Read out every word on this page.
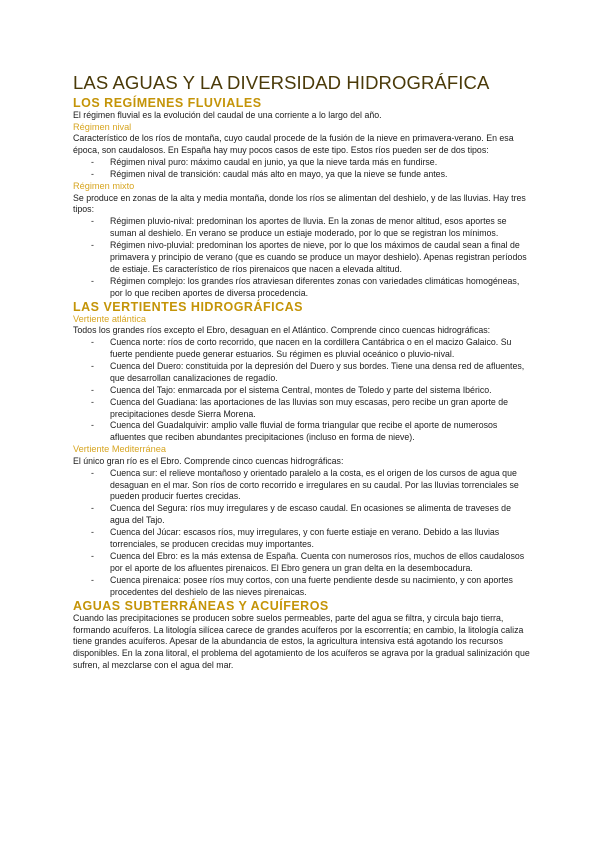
LAS AGUAS Y LA DIVERSIDAD HIDROGRÁFICA
LOS REGÍMENES FLUVIALES

El régimen fluvial es la evolución del caudal de una corriente a lo largo del año.

Régimen nival

Característico de los ríos de montaña, cuyo caudal procede de la fusión de la nieve en primavera-verano. En esa época, son caudalosos. En España hay muy pocos casos de este tipo. Estos ríos pueden ser de dos tipos:

- Régimen nival puro: máximo caudal en junio, ya que la nieve tarda más en fundirse.
- Régimen nival de transición: caudal más alto en mayo, ya que la nieve se funde antes.
Régimen mixto

Se produce en zonas de la alta y media montaña, donde los ríos se alimentan del deshielo, y de las lluvias. Hay tres tipos:

- Régimen pluvio-nival: predominan los aportes de lluvia. En la zonas de menor altitud, esos aportes se suman al deshielo. En verano se produce un estiaje moderado, por lo que se registran los mínimos.
- Régimen nivo-pluvial: predominan los aportes de nieve, por lo que los máximos de caudal sean a final de primavera y principio de verano (que es cuando se produce un mayor deshielo). Apenas registran períodos de estiaje. Es característico de ríos pirenaicos que nacen a elevada altitud.
- Régimen complejo: los grandes ríos atraviesan diferentes zonas con variedades climáticas homogéneas, por lo que reciben aportes de diversa procedencia.
LAS VERTIENTES HIDROGRÁFICAS
Vertiente atlántica

Todos los grandes ríos excepto el Ebro, desaguan en el Atlántico. Comprende cinco cuencas hidrográficas:

- Cuenca norte: ríos de corto recorrido, que nacen en la cordillera Cantábrica o en el macizo Galaico. Su fuerte pendiente puede generar estuarios. Su régimen es pluvial oceánico o pluvio-nival.
- Cuenca del Duero: constituida por la depresión del Duero y sus bordes. Tiene una densa red de afluentes, que desarrollan canalizaciones de regadío.
- Cuenca del Tajo: enmarcada por el sistema Central, montes de Toledo y parte del sistema Ibérico.
- Cuenca del Guadiana: las aportaciones de las lluvias son muy escasas, pero recibe un gran aporte de precipitaciones desde Sierra Morena.
- Cuenca del Guadalquivir: amplio valle fluvial de forma triangular que recibe el aporte de numerosos afluentes que reciben abundantes precipitaciones (incluso en forma de nieve).
Vertiente Mediterránea

El único gran río es el Ebro. Comprende cinco cuencas hidrográficas:

- Cuenca sur: el relieve montañoso y orientado paralelo a la costa, es el origen de los cursos de agua que desaguan en el mar. Son ríos de corto recorrido e irregulares en su caudal. Por las lluvias torrenciales se pueden producir fuertes crecidas.
- Cuenca del Segura: ríos muy irregulares y de escaso caudal. En ocasiones se alimenta de traveses de agua del Tajo.
- Cuenca del Júcar: escasos ríos, muy irregulares, y con fuerte estiaje en verano. Debido a las lluvias torrenciales, se producen crecidas muy importantes.
- Cuenca del Ebro: es la más extensa de España. Cuenta con numerosos ríos, muchos de ellos caudalosos por el aporte de los afluentes pirenaicos. El Ebro genera un gran delta en la desembocadura.
- Cuenca pirenaica: posee ríos muy cortos, con una fuerte pendiente desde su nacimiento, y con aportes procedentes del deshielo de las nieves pirenaicas.
AGUAS SUBTERRÁNEAS Y ACUÍFEROS

Cuando las precipitaciones se producen sobre suelos permeables, parte del agua se filtra, y circula bajo tierra, formando acuíferos. La litología silícea carece de grandes acuíferos por la escorrentía; en cambio, la litología caliza tiene grandes acuíferos. Apesar de la abundancia de estos, la agricultura intensiva está agotando los recursos disponibles. En la zona litoral, el problema del agotamiento de los acuíferos se agrava por la gradual salinización que sufren, al mezclarse con el agua del mar.
